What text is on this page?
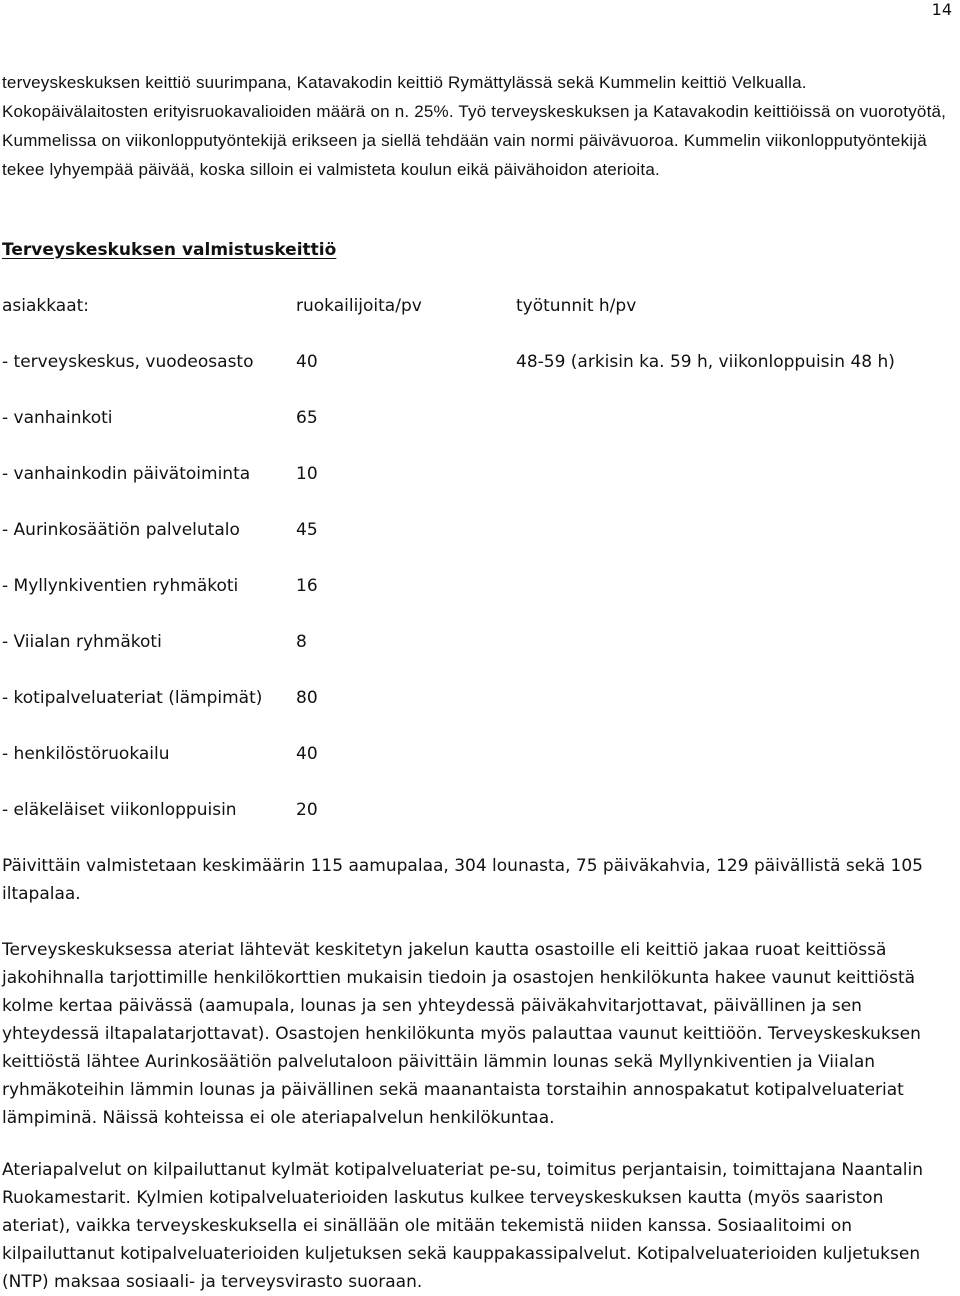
14

terveyskeskuksen keittiö suurimpana, Katavakodin keittiö Rymättylässä sekä Kummelin keittiö Velkualla. Kokopäivälaitosten erityisruokavalioiden määrä on n. 25%. Työ terveyskeskuksen ja Katavakodin keittiöissä on vuorotyötä, Kummelissa on viikonlopputyöntekijä erikseen ja siellä tehdään vain normi päivävuoroa. Kummelin viikonlopputyöntekijä tekee lyhyempää päivää, koska silloin ei valmisteta koulun eikä päivähoidon aterioita.

Terveyskeskuksen valmistuskeittiö
asiakkaat:	ruokailijoita/pv	työtunnit h/pv
- terveyskeskus, vuodeosasto	40	48-59 (arkisin ka. 59 h, viikonloppuisin 48 h)
- vanhainkoti	65
- vanhainkodin päivätoiminta	10
- Aurinkosäätiön palvelutalo	45
- Myllynkiventien ryhmäkoti	16
- Viialan ryhmäkoti	8
- kotipalveluateriat (lämpimät) 80
- henkilöstöruokailu	40
- eläkeläiset viikonloppuisin	20

Päivittäin valmistetaan keskimäärin 115 aamupalaa, 304 lounasta, 75 päiväkahvia, 129 päivällistä sekä 105 iltapalaa.

Terveyskeskuksessa ateriat lähtevät keskitetyn jakelun kautta osastoille eli keittiö jakaa ruoat keittiössä jakohihnalla tarjottimille henkilökorttien mukaisin tiedoin ja osastojen henkilökunta hakee vaunut keittiöstä kolme kertaa päivässä (aamupala, lounas ja sen yhteydessä päiväkahvitarjottavat, päivällinen ja sen yhteydessä iltapalatarjottavat). Osastojen henkilökunta myös palauttaa vaunut keittiöön. Terveyskeskuksen keittiöstä lähtee Aurinkosäätiön palvelutaloon päivittäin lämmin lounas sekä Myllynkiventien ja Viialan ryhmäkoteihin lämmin lounas ja päivällinen sekä maanantaista torstaihin annospakatut kotipalveluateriat lämpiminä. Näissä kohteissa ei ole ateriapalvelun henkilökuntaa.

Ateriapalvelut on kilpailuttanut kylmät kotipalveluateriat pe-su, toimitus perjantaisin, toimittajana Naantalin Ruokamestarit. Kylmien kotipalveluaterioiden laskutus kulkee terveyskeskuksen kautta (myös saariston ateriat), vaikka terveyskeskuksella ei sinällään ole mitään tekemistä niiden kanssa. Sosiaalitoimi on kilpailuttanut kotipalveluaterioiden kuljetuksen sekä kauppakassipalvelut. Kotipalveluaterioiden kuljetuksen (NTP) maksaa sosiaali- ja terveysvirasto suoraan.
